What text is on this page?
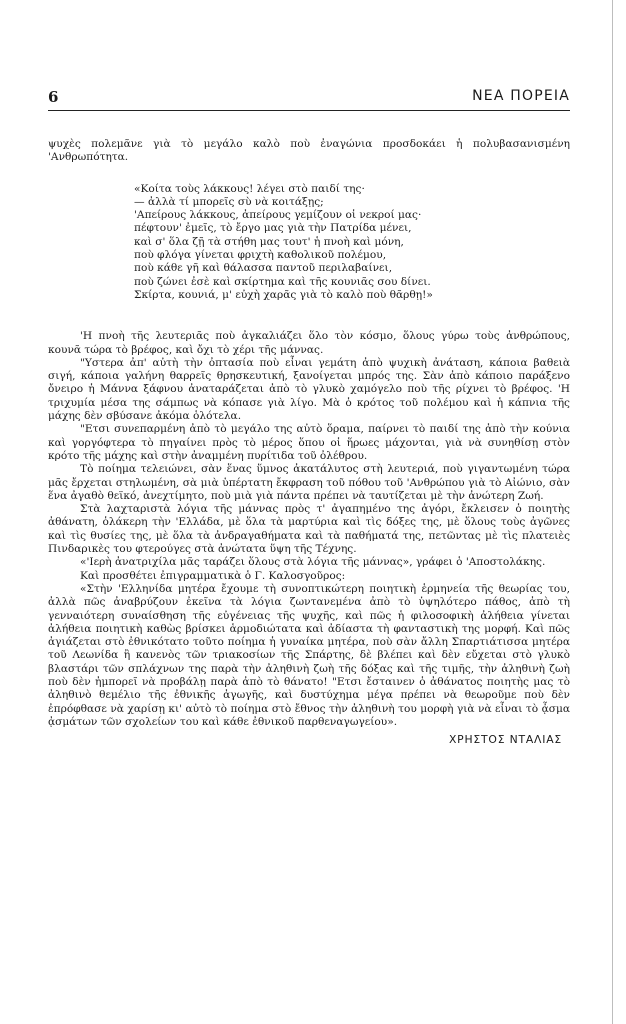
6	ΝΕΑ ΠΟΡΕΙΑ

ψυχὲς πολεμᾶνε γιὰ τὸ μεγάλο καλὸ ποὺ ἐναγώνια προσδοκάει ἡ πολυβασανισμένη 'Ανθρωπότητα.

«Κοίτα τοὺς λάκκους! λέγει στὸ παιδί της·
— ἀλλὰ τί μπορεῖς σὺ νὰ κοιτάξῃς;
'Απείρους λάκκους, ἀπείρους γεμίζουν οἱ νεκροί μας·
πέφτουν' ἐμεῖς, τὸ ἔργο μας γιὰ τὴν Πατρίδα μένει,
καὶ σ' ὅλα ζῇ τὰ στήθη μας τουτ' ἡ πνοὴ καὶ μόνη,
ποὺ φλόγα γίνεται φριχτὴ καθολικοῦ πολέμου,
ποὺ κάθε γῆ καὶ θάλασσα παντοῦ περιλαβαίνει,
ποὺ ζώνει ἐσὲ καὶ σκίρτημα καὶ τῆς κουνιᾶς σου δίνει.
Σκίρτα, κουνιά, μ' εὐχὴ χαρᾶς γιὰ τὸ καλὸ ποὺ θᾶρθῃ!»

'Η πνοὴ τῆς λευτεριᾶς ποὺ ἀγκαλιάζει ὅλο τὸν κόσμο, ὅλους γύρω τοὺς ἀνθρώπους, κουνᾶ τώρα τὸ βρέφος, καὶ ὄχι τὸ χέρι τῆς μάννας.

"Υστερα ἀπ' αὐτὴ τὴν ὀπτασία ποὺ εἶναι γεμάτη ἀπὸ ψυχικὴ ἀνάταση, κάποια βαθειὰ σιγή, κάποια γαλήνη θαρρεῖς θρησκευτική, ξανοίγεται μπρός της. Σὰν ἀπὸ κάποιο παράξενο ὄνειρο ἡ Μάννα ξάφνου ἀναταράζεται ἀπὸ τὸ γλυκὸ χαμόγελο ποὺ τῆς ρίχνει τὸ βρέφος. 'Η τριχυμία μέσα της σάμπως νὰ κόπασε γιὰ λίγο. Μὰ ὁ κρότος τοῦ πολέμου καὶ ἡ κάπνια τῆς μάχης δὲν σβύσανε ἀκόμα ὁλότελα.

"Ετσι συνεπαρμένη ἀπὸ τὸ μεγάλο της αὐτὸ ὅραμα, παίρνει τὸ παιδί της ἀπὸ τὴν κούνια καὶ γοργόφτερα τὸ πηγαίνει πρὸς τὸ μέρος ὅπου οἱ ἥρωες μάχονται, γιὰ νὰ συνηθίσῃ στὸν κρότο τῆς μάχης καὶ στὴν ἀναμμένη πυρίτιδα τοῦ ὀλέθρου.

Τὸ ποίημα τελειώνει, σὰν ἕνας ὕμνος ἀκατάλυτος στὴ λευτεριά, ποὺ γιγαντωμένη τώρα μᾶς ἔρχεται στηλωμένη, σὰ μιὰ ὑπέρτατη ἔκφραση τοῦ πόθου τοῦ 'Ανθρώπου γιὰ τὸ Αἰώνιο, σὰν ἕνα ἀγαθὸ θεϊκό, ἀνεχτίμητο, ποὺ μιὰ γιὰ πάντα πρέπει νὰ ταυτίζεται μὲ τὴν ἀνώτερη Ζωή.

Στὰ λαχταριστὰ λόγια τῆς μάννας πρὸς τ' ἀγαπημένο της ἀγόρι, ἔκλεισεν ὁ ποιητὴς ἀθάνατη, ὁλάκερη τὴν 'Ελλάδα, μὲ ὅλα τὰ μαρτύρια καὶ τὶς δόξες της, μὲ ὅλους τοὺς ἀγῶνες καὶ τὶς θυσίες της, μὲ ὅλα τὰ ἀνδραγαθήματα καὶ τὰ παθήματά της, πετῶντας μὲ τὶς πλατειὲς Πινδαρικὲς του φτερούγες στὰ ἀνώτατα ὕψη τῆς Τέχνης.

«'Ιερὴ ἀνατριχίλα μᾶς ταράζει ὅλους στὰ λόγια τῆς μάννας», γράφει ὁ 'Αποστολάκης.

Καὶ προσθέτει ἐπιγραμματικὰ ὁ Γ. Καλοσγοῦρος:

«Στὴν 'Ελληνίδα μητέρα ἔχουμε τὴ συνοπτικώτερη ποιητικὴ ἑρμηνεία τῆς θεωρίας του, ἀλλὰ πῶς ἀναβρύζουν ἐκεῖνα τὰ λόγια ζωντανεμένα ἀπὸ τὸ ὑψηλότερο πάθος, ἀπὸ τὴ γενναιότερη συναίσθηση τῆς εὐγένειας τῆς ψυχῆς, καὶ πῶς ἡ φιλοσοφικὴ ἀλήθεια γίνεται ἀλήθεια ποιητικὴ καθὼς βρίσκει ἁρμοδιώτατα καὶ ἀδίαστα τὴ φανταστικὴ της μορφή. Καὶ πῶς ἀγιάζεται στὸ ἐθνικότατο τοῦτο ποίημα ἡ γυναίκα μητέρα, ποὺ σὰν ἄλλη Σπαρτιάτισσα μητέρα τοῦ Λεωνίδα ἢ κανενὸς τῶν τριακοσίων τῆς Σπάρτης, δὲ βλέπει καὶ δὲν εὔχεται στὸ γλυκὸ βλαστάρι τῶν σπλάχνων της παρὰ τὴν ἀληθινὴ ζωὴ τῆς δόξας καὶ τῆς τιμῆς, τὴν ἀληθινὴ ζωὴ ποὺ δὲν ἠμπορεῖ νὰ προβάλῃ παρὰ ἀπὸ τὸ θάνατο! "Ετσι ἔσταινεν ὁ ἀθάνατος ποιητὴς μας τὸ ἀληθινὸ θεμέλιο τῆς ἐθνικῆς ἀγωγῆς, καὶ δυστύχημα μέγα πρέπει νὰ θεωροῦμε ποὺ δὲν ἐπρόφθασε νὰ χαρίσῃ κι' αὐτὸ τὸ ποίημα στὸ ἔθνος τὴν ἀληθινὴ του μορφὴ γιὰ νὰ εἶναι τὸ ᾆσμα ᾀσμάτων τῶν σχολείων του καὶ κάθε ἐθνικοῦ παρθεναγωγείου».

ΧΡΗΣΤΟΣ ΝΤΑΛΙΑΣ
